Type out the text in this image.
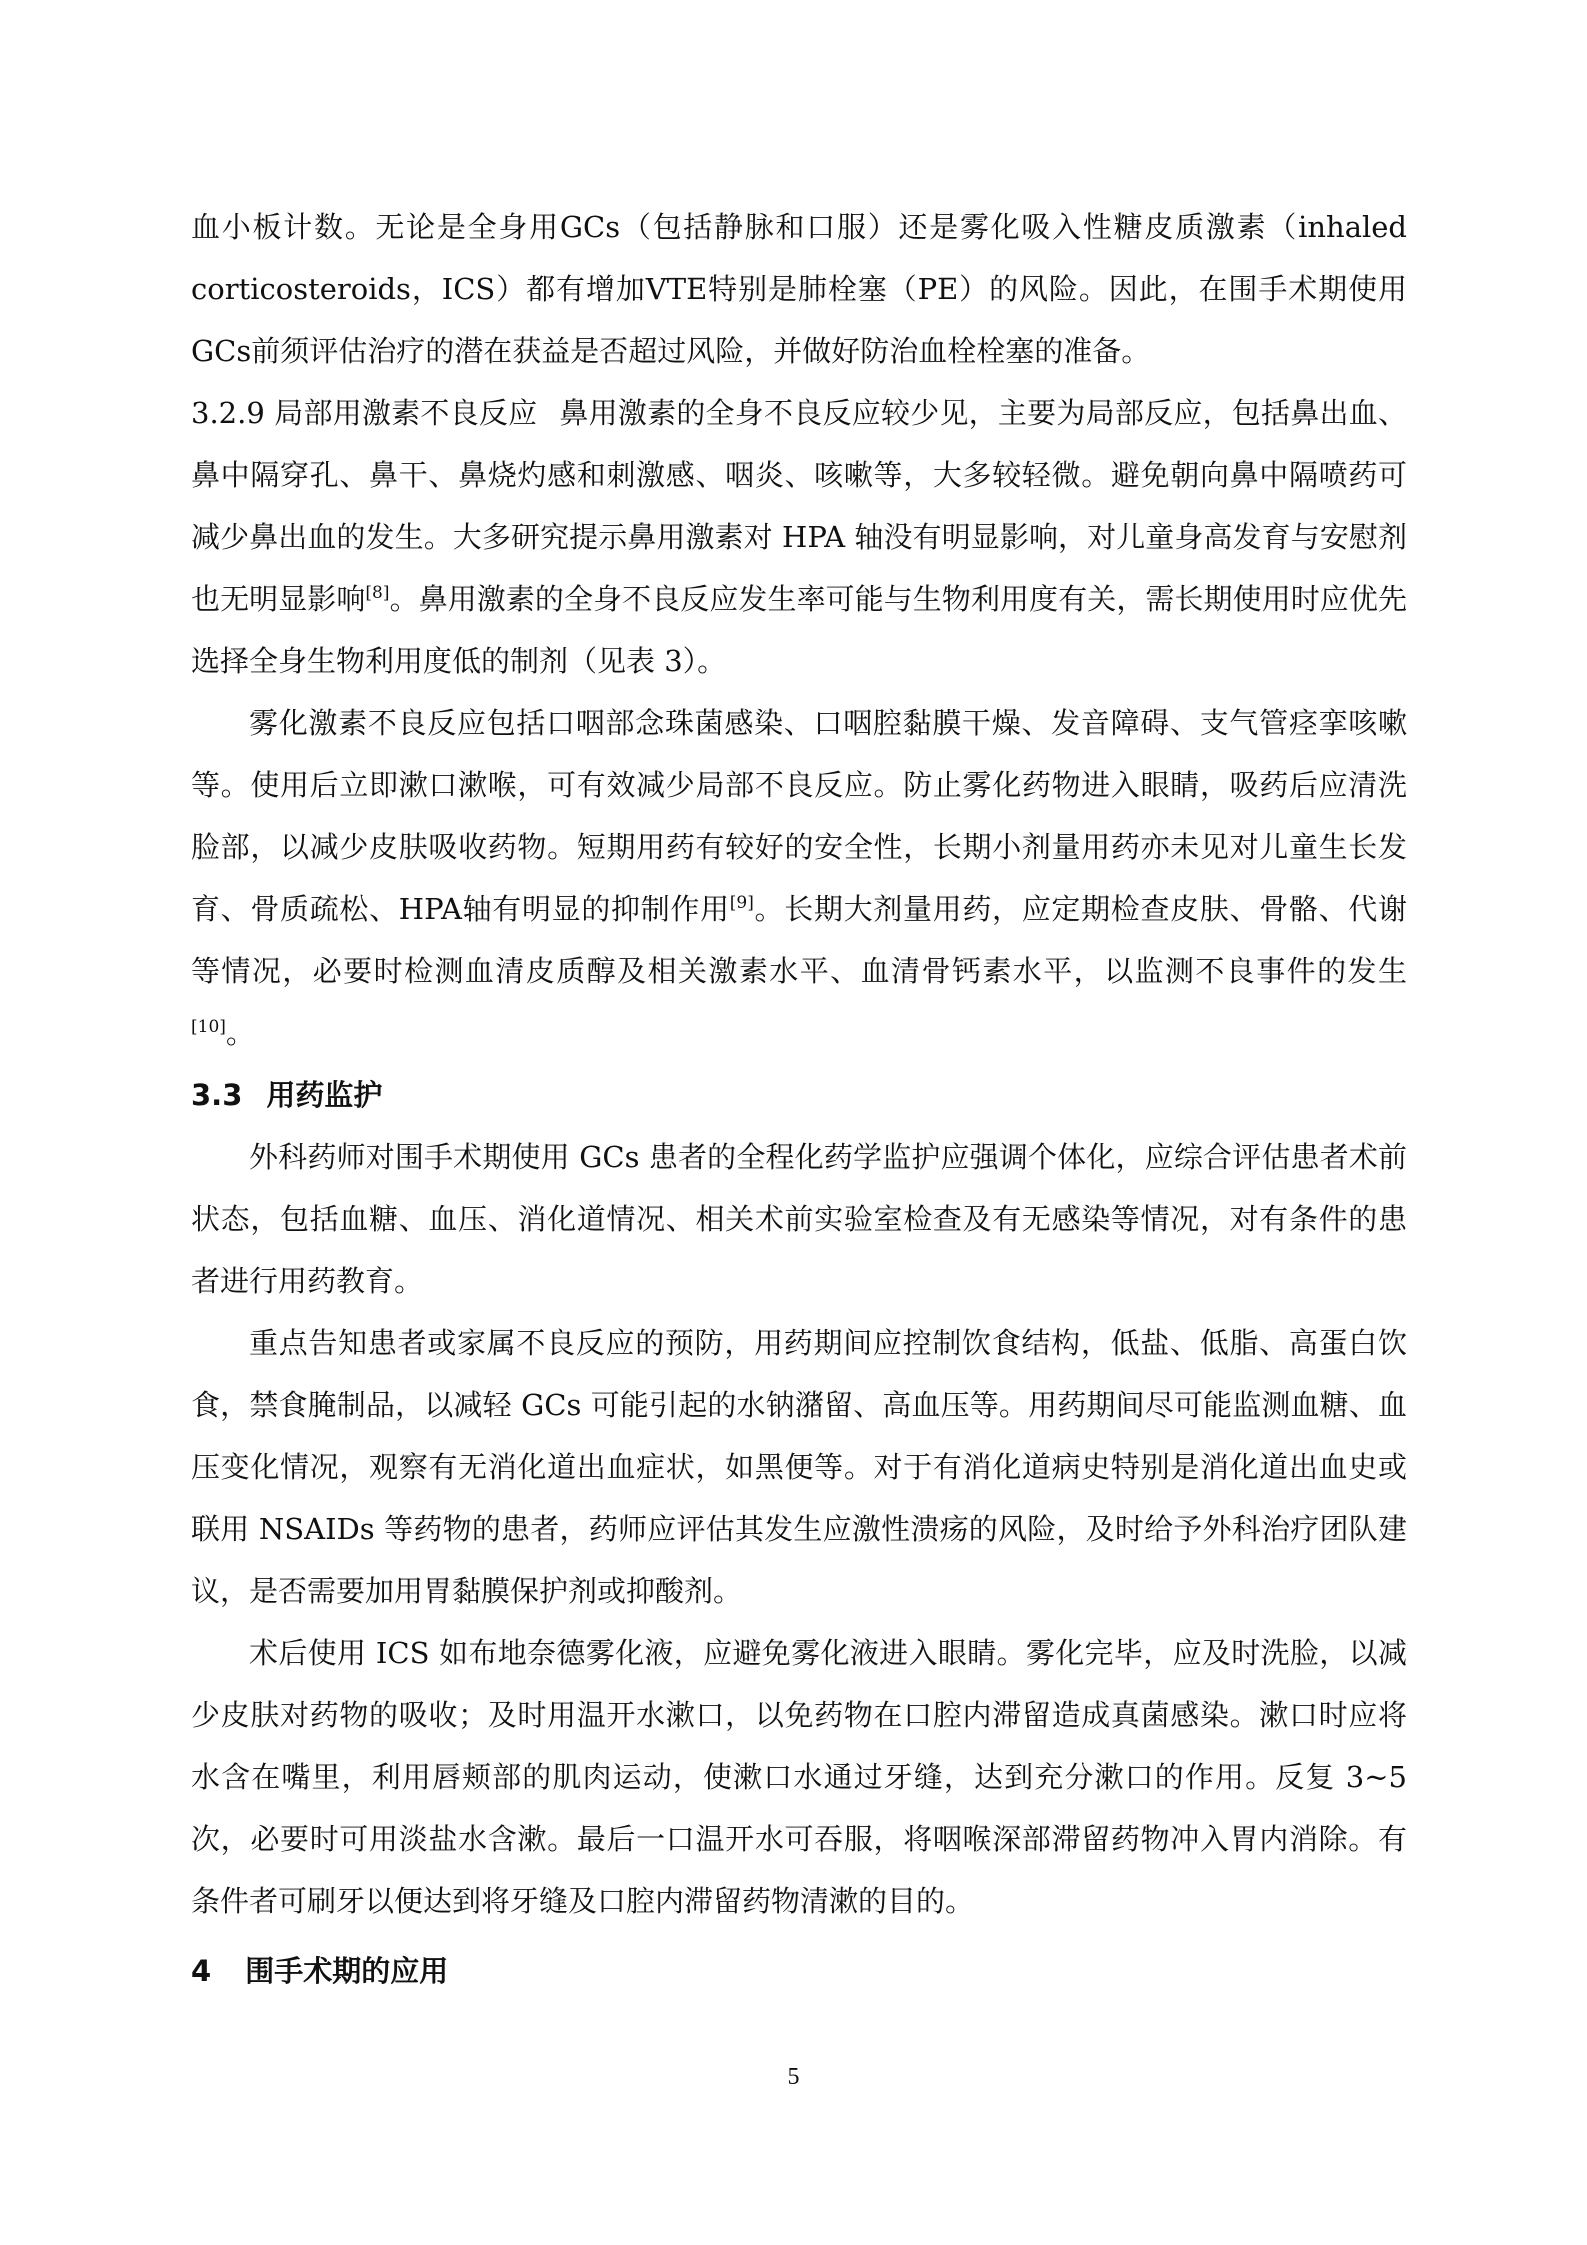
血小板计数。无论是全身用GCs（包括静脉和口服）还是雾化吸入性糖皮质激素（inhaled corticosteroids，ICS）都有增加VTE特别是肺栓塞（PE）的风险。因此，在围手术期使用GCs前须评估治疗的潜在获益是否超过风险，并做好防治血栓栓塞的准备。

3.2.9 局部用激素不良反应 鼻用激素的全身不良反应较少见，主要为局部反应，包括鼻出血、鼻中隔穿孔、鼻干、鼻烧灼感和刺激感、咽炎、咳嗽等，大多较轻微。避免朝向鼻中隔喷药可减少鼻出血的发生。大多研究提示鼻用激素对 HPA 轴没有明显影响，对儿童身高发育与安慰剂也无明显影响[8]。鼻用激素的全身不良反应发生率可能与生物利用度有关，需长期使用时应优先选择全身生物利用度低的制剂（见表 3）。

雾化激素不良反应包括口咽部念珠菌感染、口咽腔黏膜干燥、发音障碍、支气管痉挛咳嗽等。使用后立即漱口漱喉，可有效减少局部不良反应。防止雾化药物进入眼睛，吸药后应清洗脸部，以减少皮肤吸收药物。短期用药有较好的安全性，长期小剂量用药亦未见对儿童生长发育、骨质疏松、HPA轴有明显的抑制作用[9]。长期大剂量用药，应定期检查皮肤、骨骼、代谢等情况，必要时检测血清皮质醇及相关激素水平、血清骨钙素水平，以监测不良事件的发生[10]。

3.3 用药监护

外科药师对围手术期使用 GCs 患者的全程化药学监护应强调个体化，应综合评估患者术前状态，包括血糖、血压、消化道情况、相关术前实验室检查及有无感染等情况，对有条件的患者进行用药教育。

重点告知患者或家属不良反应的预防，用药期间应控制饮食结构，低盐、低脂、高蛋白饮食，禁食腌制品，以减轻 GCs 可能引起的水钠潴留、高血压等。用药期间尽可能监测血糖、血压变化情况，观察有无消化道出血症状，如黑便等。对于有消化道病史特别是消化道出血史或联用 NSAIDs 等药物的患者，药师应评估其发生应激性溃疡的风险，及时给予外科治疗团队建议，是否需要加用胃黏膜保护剂或抑酸剂。

术后使用 ICS 如布地奈德雾化液，应避免雾化液进入眼睛。雾化完毕，应及时洗脸，以减少皮肤对药物的吸收；及时用温开水漱口，以免药物在口腔内滞留造成真菌感染。漱口时应将水含在嘴里，利用唇颊部的肌肉运动，使漱口水通过牙缝，达到充分漱口的作用。反复 3~5 次，必要时可用淡盐水含漱。最后一口温开水可吞服，将咽喉深部滞留药物冲入胃内消除。有条件者可刷牙以便达到将牙缝及口腔内滞留药物清漱的目的。

4 围手术期的应用
5
